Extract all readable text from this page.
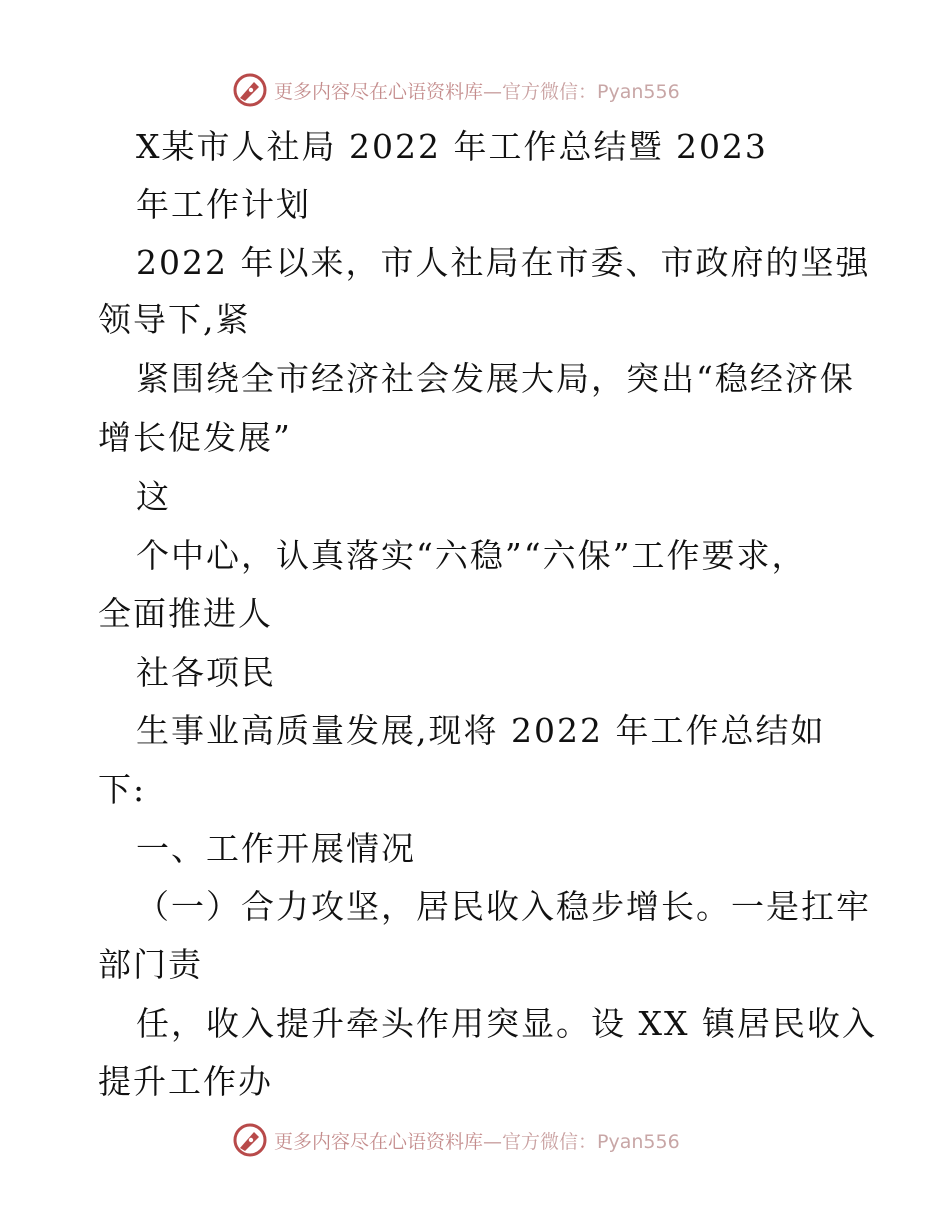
更多内容尽在心语资料库—官方微信：Pyan556
X某市人社局 2022 年工作总结暨 2023
年工作计划
2022 年以来，市人社局在市委、市政府的坚强
领导下,紧
紧围绕全市经济社会发展大局，突出“稳经济保
增长促发展”
这
个中心，认真落实“六稳”“六保”工作要求，
全面推进人
社各项民
生事业高质量发展,现将 2022 年工作总结如
下:
一、工作开展情况
（一）合力攻坚，居民收入稳步增长。一是扛牢
部门责
任，收入提升牵头作用突显。设 XX 镇居民收入
提升工作办
更多内容尽在心语资料库—官方微信：Pyan556
